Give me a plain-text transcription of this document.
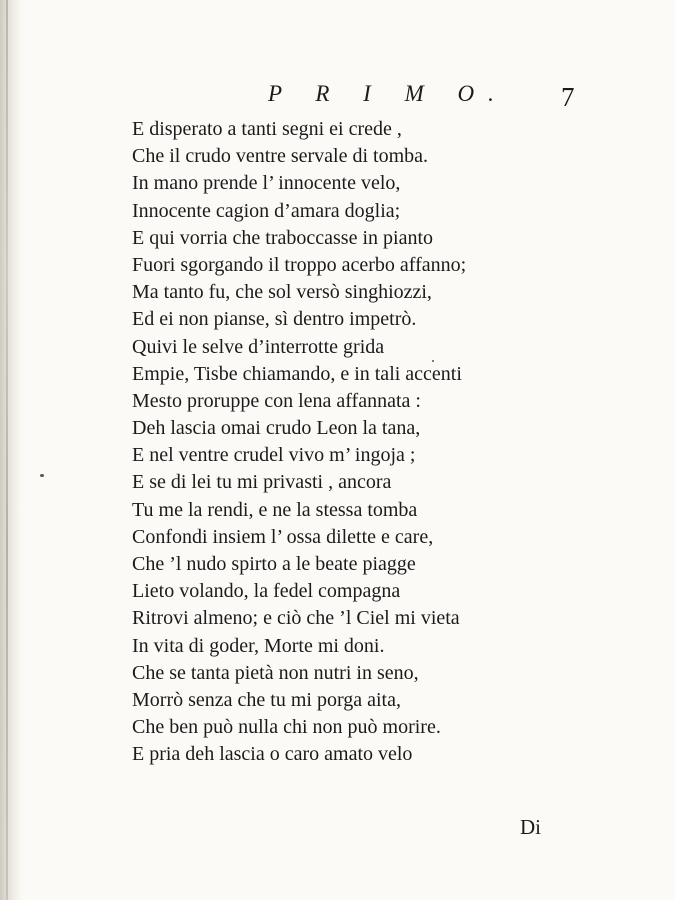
P R I M O. 7
E disperato a tanti segni ei crede ,
Che il crudo ventre servale di tomba.
In mano prende l’ innocente velo,
Innocente cagion d’amara doglia;
E qui vorria che traboccasse in pianto
Fuori sgorgando il troppo acerbo affanno;
Ma tanto fu, che sol versò singhiozzi,
Ed ei non pianse, sì dentro impetrò.
Quivi le selve d’interrotte grida
Empie, Tisbe chiamando, e in tali accenti
Mesto proruppe con lena affannata :
Deh lascia omai crudo Leon la tana,
E nel ventre crudel vivo m’ ingoja ;
E se di lei tu mi privasti , ancora
Tu me la rendi, e ne la stessa tomba
Confondi insiem l’ ossa dilette e care,
Che ’l nudo spirto a le beate piagge
Lieto volando, la fedel compagna
Ritrovi almeno; e ciò che ’l Ciel mi vieta
In vita di goder, Morte mi doni.
Che se tanta pietà non nutri in seno,
Morrò senza che tu mi porga aita,
Che ben può nulla chi non può morire.
E pria deh lascia o caro amato velo
Di
